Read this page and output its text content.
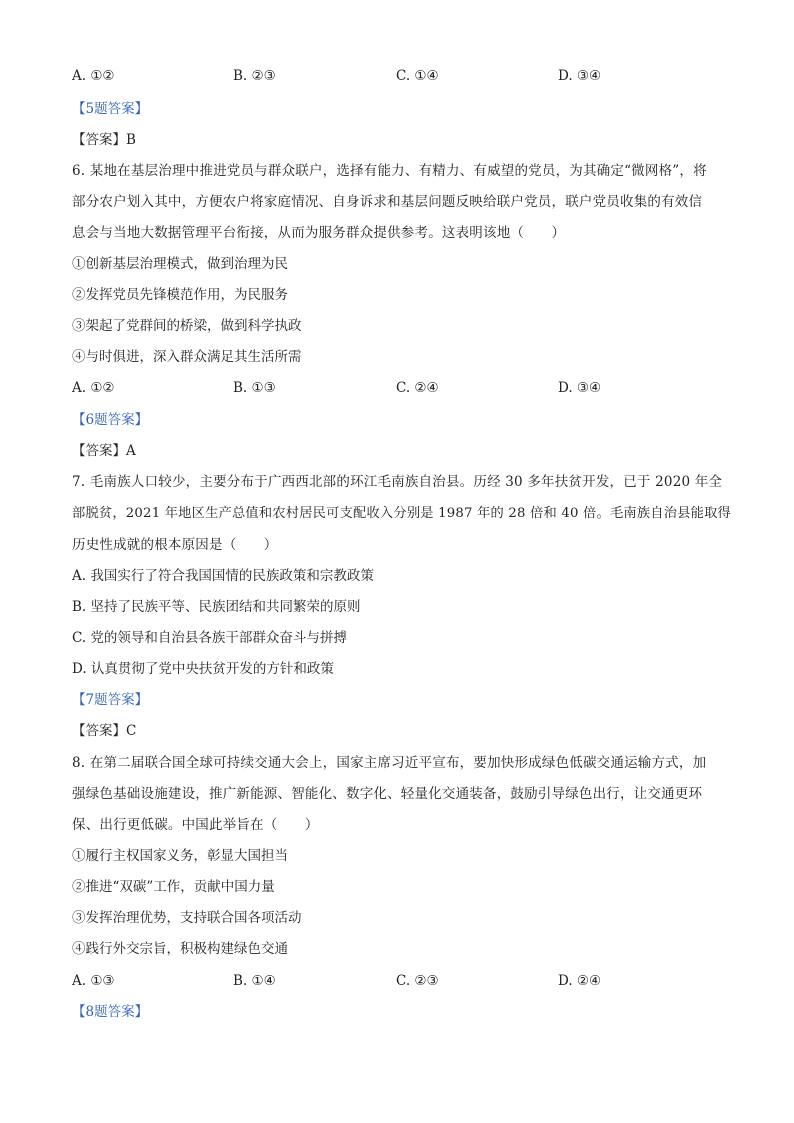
A. ①②	B. ②③	C. ①④	D. ③④
【5题答案】
【答案】B
6. 某地在基层治理中推进党员与群众联户，选择有能力、有精力、有威望的党员，为其确定“微网格”，将
部分农户划入其中，方便农户将家庭情况、自身诉求和基层问题反映给联户党员，联户党员收集的有效信
息会与当地大数据管理平台衔接，从而为服务群众提供参考。这表明该地（　　）
①创新基层治理模式，做到治理为民
②发挥党员先锋模范作用，为民服务
③架起了党群间的桥梁，做到科学执政
④与时俱进，深入群众满足其生活所需
A. ①②	B. ①③	C. ②④	D. ③④
【6题答案】
【答案】A
7. 毛南族人口较少，主要分布于广西西北部的环江毛南族自治县。历经 30 多年扶贫开发，已于 2020 年全
部脱贫，2021 年地区生产总值和农村居民可支配收入分别是 1987 年的 28 倍和 40 倍。毛南族自治县能取得
历史性成就的根本原因是（　　）
A. 我国实行了符合我国国情的民族政策和宗教政策
B. 坚持了民族平等、民族团结和共同繁荣的原则
C. 党的领导和自治县各族干部群众奋斗与拼搏
D. 认真贯彻了党中央扶贫开发的方针和政策
【7题答案】
【答案】C
8. 在第二届联合国全球可持续交通大会上，国家主席习近平宣布，要加快形成绿色低碳交通运输方式，加
强绿色基础设施建设，推广新能源、智能化、数字化、轻量化交通装备，鼓励引导绿色出行，让交通更环
保、出行更低碳。中国此举旨在（　　）
①履行主权国家义务，彰显大国担当
②推进“双碳”工作，贡献中国力量
③发挥治理优势，支持联合国各项活动
④践行外交宗旨，积极构建绿色交通
A. ①③	B. ①④	C. ②③	D. ②④
【8题答案】
